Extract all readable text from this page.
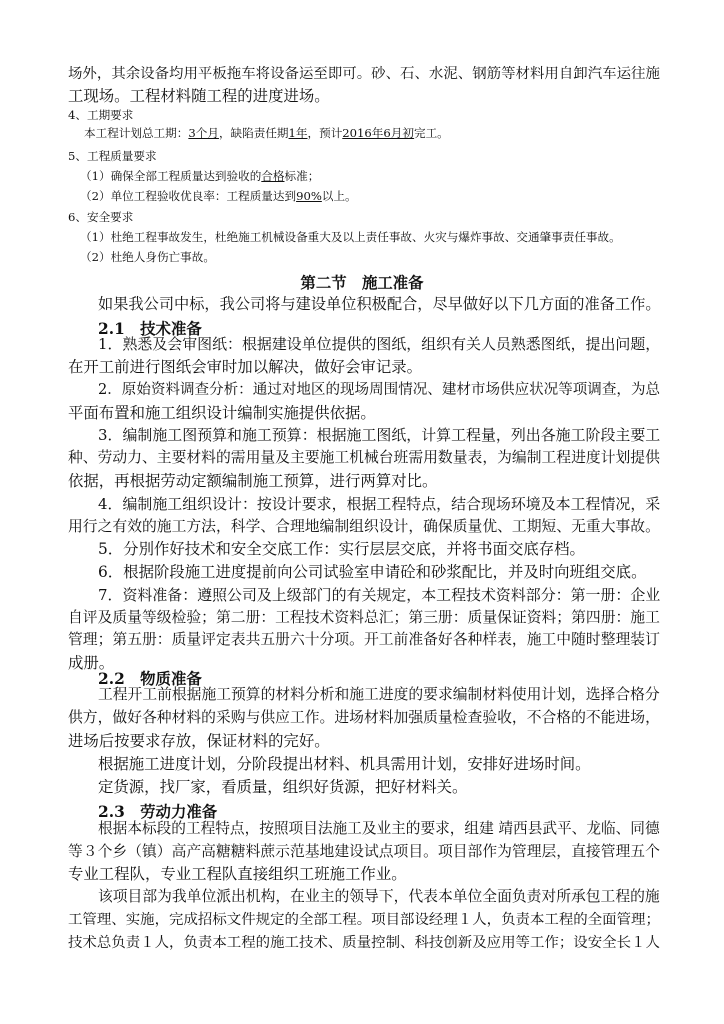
场外，其余设备均用平板拖车将设备运至即可。砂、石、水泥、钢筋等材料用自卸汽车运往施

工现场。工程材料随工程的进度进场。

4、工期要求

本工程计划总工期：3个月，缺陷责任期1年，预计2016年6月初完工。

5、工程质量要求

（1）确保全部工程质量达到验收的合格标准；

（2）单位工程验收优良率：工程质量达到90%以上。

6、安全要求

（1）杜绝工程事故发生，杜绝施工机械设备重大及以上责任事故、火灾与爆炸事故、交通肇事责任事故。

（2）杜绝人身伤亡事故。

第二节　施工准备

如果我公司中标，我公司将与建设单位积极配合，尽早做好以下几方面的准备工作。

2.1　技术准备

1．熟悉及会审图纸：根据建设单位提供的图纸，组织有关人员熟悉图纸，提出问题，

在开工前进行图纸会审时加以解决，做好会审记录。

2．原始资料调查分析：通过对地区的现场周围情况、建材市场供应状况等项调查，为总

平面布置和施工组织设计编制实施提供依据。

3．编制施工图预算和施工预算：根据施工图纸，计算工程量，列出各施工阶段主要工

种、劳动力、主要材料的需用量及主要施工机械台班需用数量表，为编制工程进度计划提供

依据，再根据劳动定额编制施工预算，进行两算对比。

4．编制施工组织设计：按设计要求，根据工程特点，结合现场环境及本工程情况，采

用行之有效的施工方法，科学、合理地编制组织设计，确保质量优、工期短、无重大事故。

5．分別作好技术和安全交底工作：实行层层交底，并将书面交底存档。

6．根据阶段施工进度提前向公司试验室申请砼和砂浆配比，并及时向班组交底。

7．资料准备：遵照公司及上级部门的有关规定，本工程技术资料部分：第一册：企业

自评及质量等级检验；第二册：工程技术资料总汇；第三册：质量保证资料；第四册：施工

管理；第五册：质量评定表共五册六十分项。开工前准备好各种样表，施工中随时整理装订

成册。

2.2　物质准备

工程开工前根据施工预算的材料分析和施工进度的要求编制材料使用计划，选择合格分

供方，做好各种材料的采购与供应工作。进场材料加强质量检查验收，不合格的不能进场，

进场后按要求存放，保证材料的完好。

根据施工进度计划，分阶段提出材料、机具需用计划，安排好进场时间。

定货源，找厂家，看质量，组织好货源，把好材料关。

2.3　劳动力准备

根据本标段的工程特点，按照项目法施工及业主的要求，组建 靖西县武平、龙临、同德

等３个乡（镇）高产高糖糖料蔗示范基地建设试点项目。项目部作为管理层，直接管理五个

专业工程队，专业工程队直接组织工班施工作业。

该项目部为我单位派出机构，在业主的领导下，代表本单位全面负责对所承包工程的施

工管理、实施，完成招标文件规定的全部工程。项目部设经理１人，负责本工程的全面管理；

技术总负责１人，负责本工程的施工技术、质量控制、科技创新及应用等工作；设安全长１人
